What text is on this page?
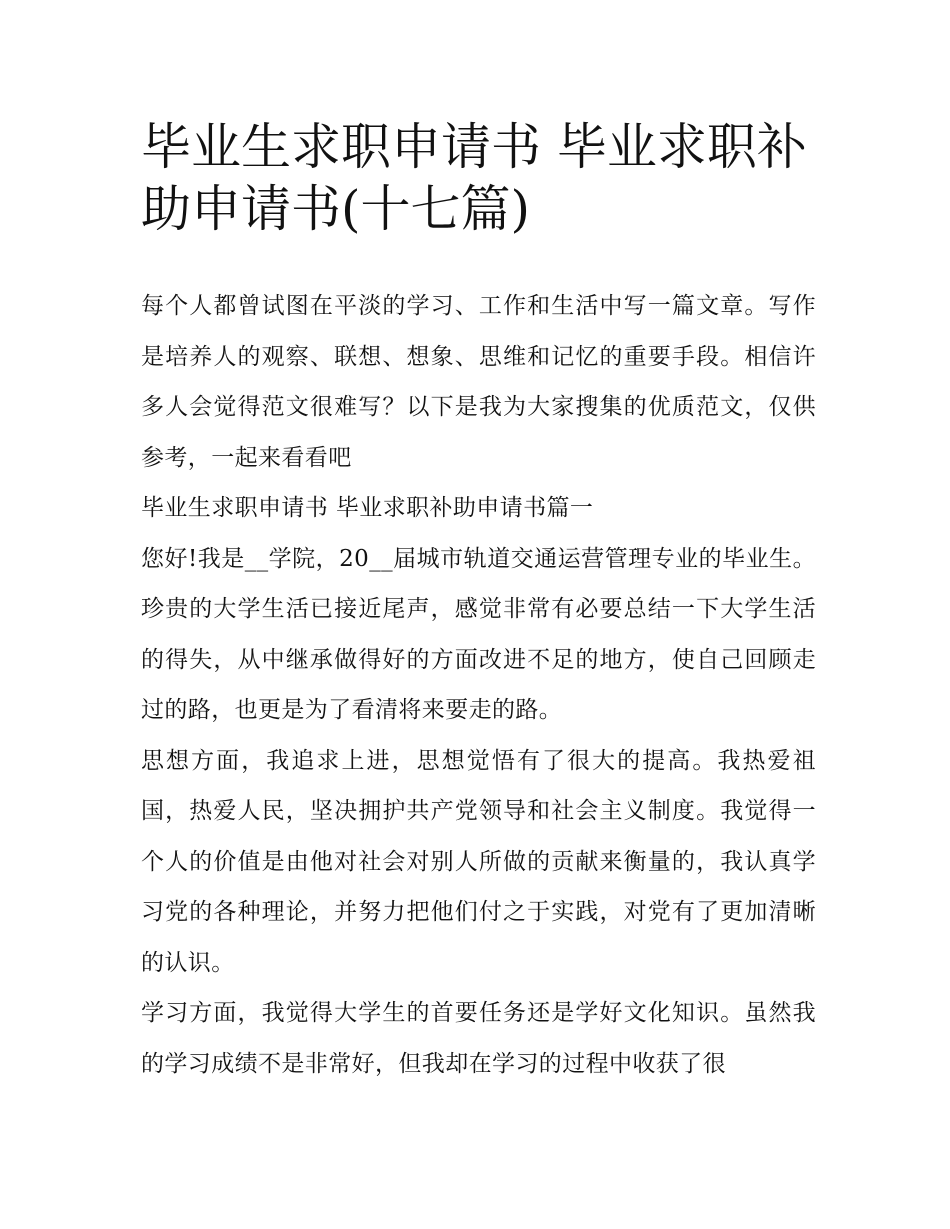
毕业生求职申请书 毕业求职补助申请书(十七篇)

每个人都曾试图在平淡的学习、工作和生活中写一篇文章。写作是培养人的观察、联想、想象、思维和记忆的重要手段。相信许多人会觉得范文很难写？以下是我为大家搜集的优质范文，仅供参考，一起来看看吧

毕业生求职申请书 毕业求职补助申请书篇一

您好!我是__学院，20__届城市轨道交通运营管理专业的毕业生。珍贵的大学生活已接近尾声，感觉非常有必要总结一下大学生活的得失，从中继承做得好的方面改进不足的地方，使自己回顾走过的路，也更是为了看清将来要走的路。

思想方面，我追求上进，思想觉悟有了很大的提高。我热爱祖国，热爱人民，坚决拥护共产党领导和社会主义制度。我觉得一个人的价值是由他对社会对别人所做的贡献来衡量的，我认真学习党的各种理论，并努力把他们付之于实践，对党有了更加清晰的认识。

学习方面，我觉得大学生的首要任务还是学好文化知识。虽然我的学习成绩不是非常好，但我却在学习的过程中收获了很
